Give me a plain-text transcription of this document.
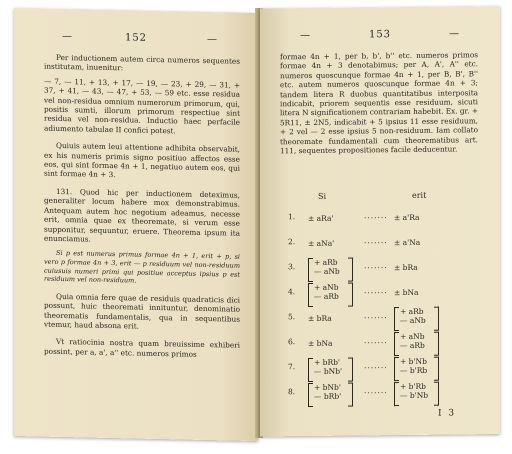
—	152	—

Per inductionem autem circa numeros sequentes institutam, inuenitur:

— 7, — 11, + 13, + 17, — 19, — 23, + 29, — 31, + 37, + 41, — 43, — 47, + 53, — 59 etc. esse residua vel non-residua omnium numerorum primorum, qui, positis sumti, illorum primorum respectiue sint residua vel non-residua. Inductio haec perfacile adiumento tabulae II confici potest.

Quiuis autem leui attentione adhibita observabit, ex his numeris primis signo positiuo affectos esse eos, qui sint formae 4n + 1, negatiuo autem eos, qui sint formae 4n + 3.

131. Quod hic per inductionem deteximus, generaliter locum habere mox demonstrabimus. Antequam autem hoc negotium adeamus, necesse erit, omnia quae ex theoremate, si verum esse supponitur, sequuntur, eruere. Theorema ipsum ita enunciamus.

Si p est numerus primus formae 4n + 1, erit + p, si vero p formae 4n + 3, erit — p residuum vel non-residuum cuiusuis numeri primi qui positiue acceptus ipsius p est residuum vel non-residuum.

Quia omnia fere quae de residuis quadraticis dici possunt, huic theoremati innituntur, denominatio theorematis fundamentalis, qua in sequentibus vtemur, haud absona erit.

Vt ratiocinia nostra quam breuissime exhiberi possint, per a, a', a'' etc. numeros primos

—	153	—

formae 4n + 1, per b, b', b'' etc. numeros primos formae 4n + 3 denotabimus; per A, A', A'' etc. numeros quoscunque formae 4n + 1, per B, B', B'' etc. autem numeros quoscunque formae 4n + 3; tandem litera R duobus quantitatibus interposita indicabit, priorem sequentis esse residuum, sicuti litera N significationem contrariam habebit. Ex. gr. + 5R11, ± 2N5, indicabit + 5 ipsius 11 esse residuum, + 2 vel — 2 esse ipsius 5 non-residuum. Iam collato theoremate fundamentali cum theorematibus art. 111, sequentes propositiones facile deducentur.

Si	erit
1. ± aRa'	······· ± a'Ra
2. ± aNa'	······· ± a'Na
3.	+ aRb
— aNb	······· ± bRa
4.	+ aNb
— aRb	······· ± bNa
5. ± bRa	·······
+ aRb
— aNb
6. ± bNa	·······
+ aNb
— aRb
7.	+ bRb'
— bNb'	·······
+ b'Nb
— b'Rb
8.	+ bNb'
— bRb'	·······
+ b'Rb
— b'Nb
I 3
